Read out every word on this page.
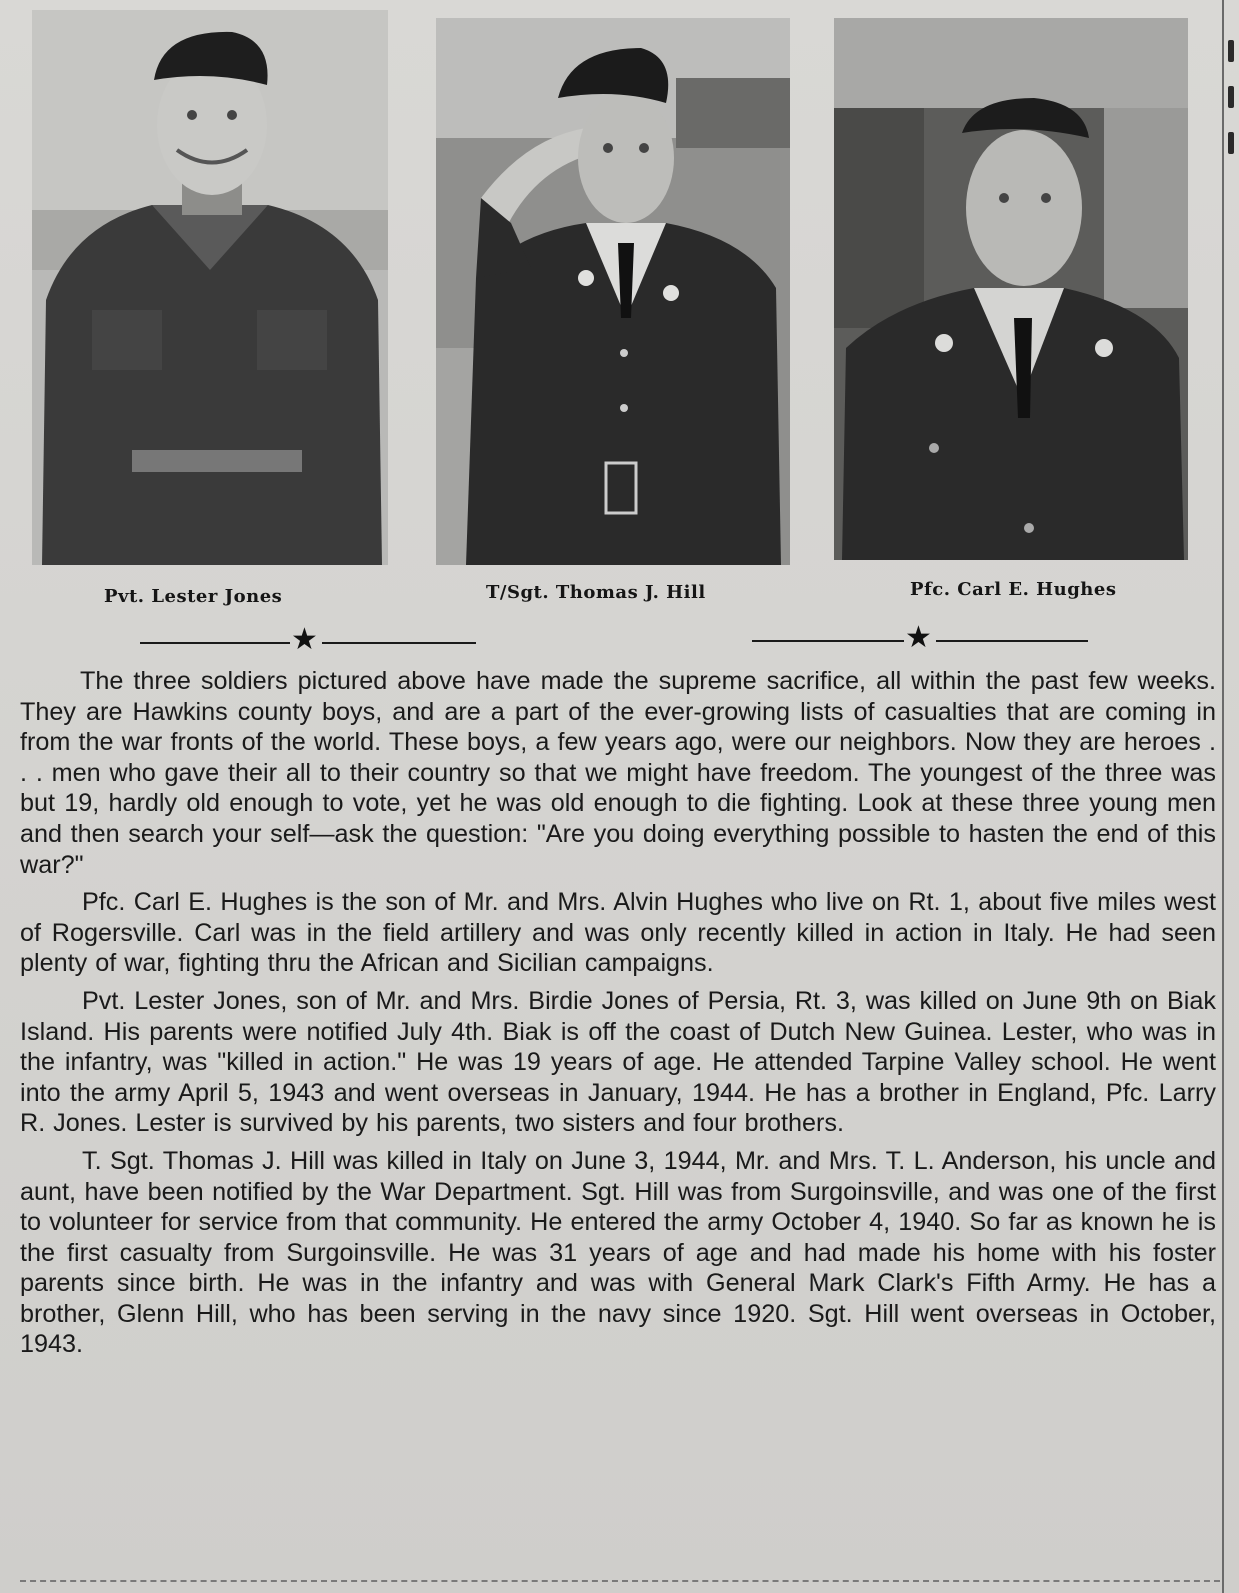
Pvt. Lester Jones	T/Sgt. Thomas J. Hill	Pfc. Carl E. Hughes
★	★

The three soldiers pictured above have made the supreme sacrifice, all within the past few weeks. They are Hawkins county boys, and are a part of the ever-growing lists of casualties that are coming in from the war fronts of the world. These boys, a few years ago, were our neighbors. Now they are heroes . . . men who gave their all to their country so that we might have freedom. The youngest of the three was but 19, hardly old enough to vote, yet he was old enough to die fighting. Look at these three young men and then search your self—ask the question: "Are you doing everything possible to hasten the end of this war?"

Pfc. Carl E. Hughes is the son of Mr. and Mrs. Alvin Hughes who live on Rt. 1, about five miles west of Rogersville. Carl was in the field artillery and was only recently killed in action in Italy. He had seen plenty of war, fighting thru the African and Sicilian campaigns.

Pvt. Lester Jones, son of Mr. and Mrs. Birdie Jones of Persia, Rt. 3, was killed on June 9th on Biak Island. His parents were notified July 4th. Biak is off the coast of Dutch New Guinea. Lester, who was in the infantry, was "killed in action." He was 19 years of age. He attended Tarpine Valley school. He went into the army April 5, 1943 and went overseas in January, 1944. He has a brother in England, Pfc. Larry R. Jones. Lester is survived by his parents, two sisters and four brothers.

T. Sgt. Thomas J. Hill was killed in Italy on June 3, 1944, Mr. and Mrs. T. L. Anderson, his uncle and aunt, have been notified by the War Department. Sgt. Hill was from Surgoinsville, and was one of the first to volunteer for service from that community. He entered the army October 4, 1940. So far as known he is the first casualty from Surgoinsville. He was 31 years of age and had made his home with his foster parents since birth. He was in the infantry and was with General Mark Clark's Fifth Army. He has a brother, Glenn Hill, who has been serving in the navy since 1920. Sgt. Hill went overseas in October, 1943.
